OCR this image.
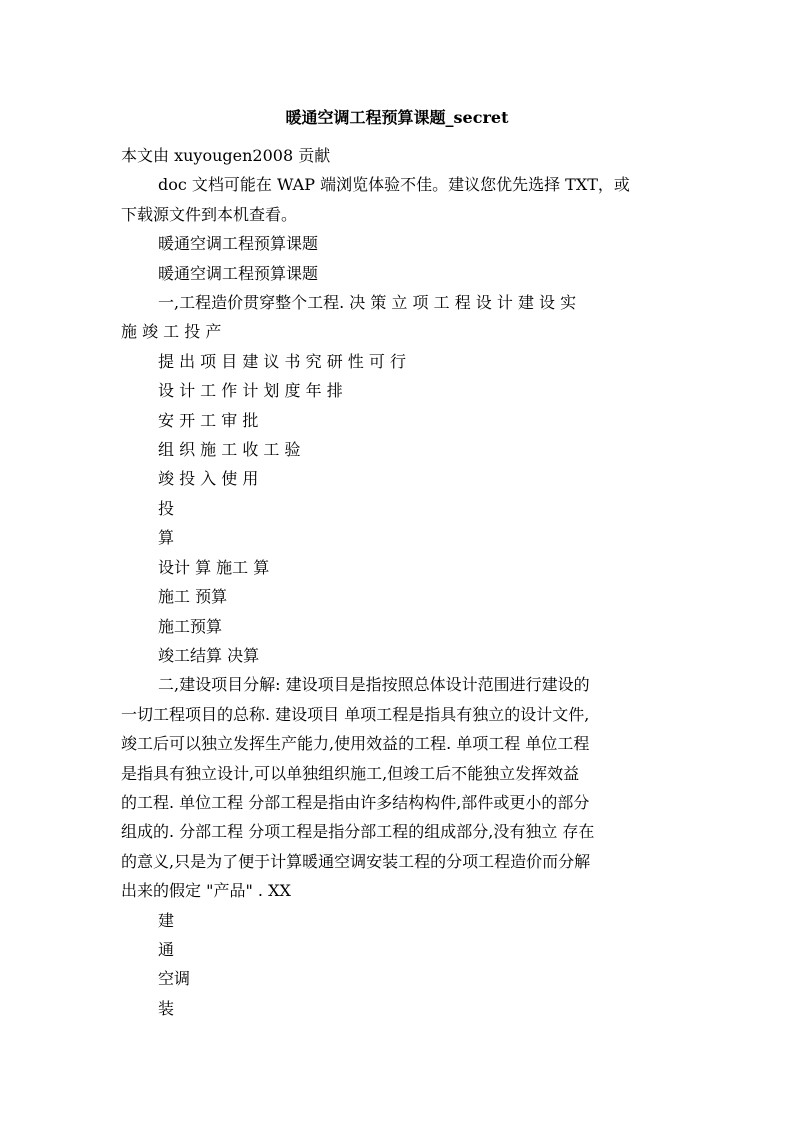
暖通空调工程预算课题_secret

本文由 xuyougen2008 贡献

doc 文档可能在 WAP 端浏览体验不佳。建议您优先选择 TXT，或

下载源文件到本机查看。

暖通空调工程预算课题

暖通空调工程预算课题

一,工程造价贯穿整个工程. 决 策 立 项 工 程 设 计 建 设 实

施 竣 工 投 产

提 出 项 目 建 议 书 究 研 性 可 行

设 计 工 作 计 划 度 年 排

安 开 工 审 批

组 织 施 工 收 工 验

竣 投 入 使 用

投

算

设计 算 施工 算

施工 预算

施工预算

竣工结算 决算

二,建设项目分解: 建设项目是指按照总体设计范围进行建设的

一切工程项目的总称. 建设项目 单项工程是指具有独立的设计文件,

竣工后可以独立发挥生产能力,使用效益的工程. 单项工程 单位工程

是指具有独立设计,可以单独组织施工,但竣工后不能独立发挥效益

的工程. 单位工程 分部工程是指由许多结构构件,部件或更小的部分

组成的. 分部工程 分项工程是指分部工程的组成部分,没有独立 存在

的意义,只是为了便于计算暖通空调安装工程的分项工程造价而分解

出来的假定 "产品" . XX

建

通

空调

装
